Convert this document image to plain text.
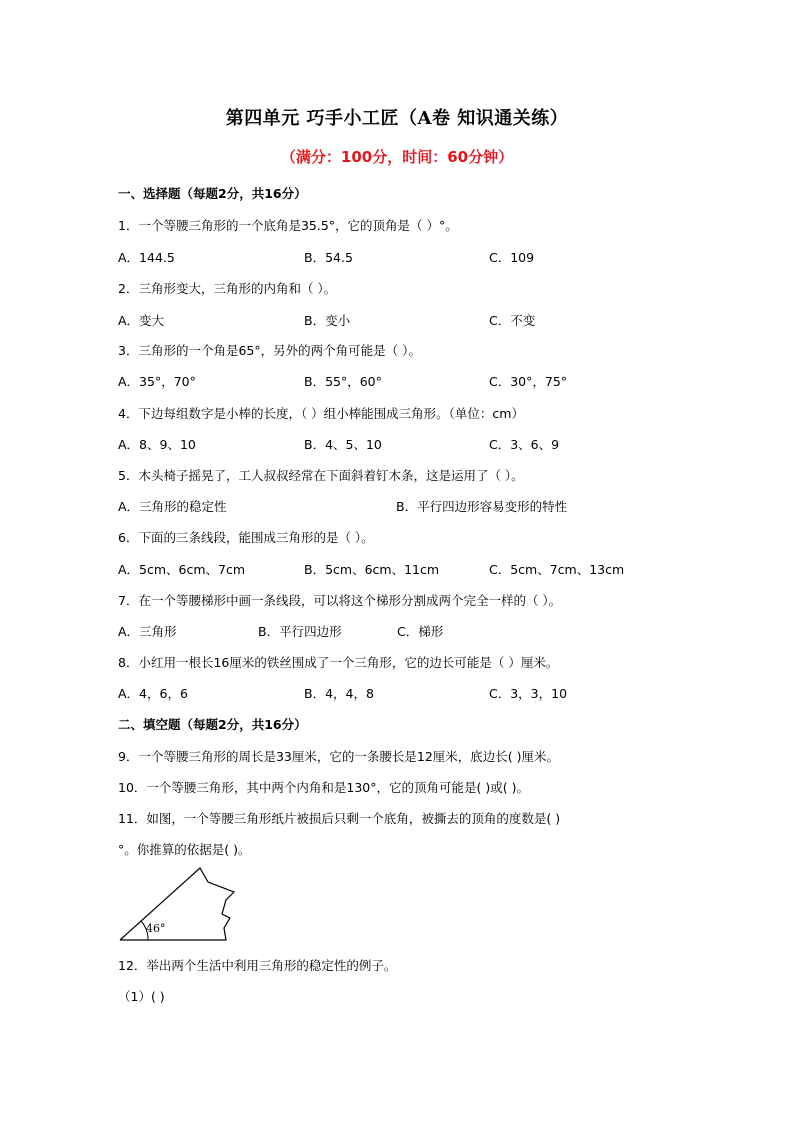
第四单元 巧手小工匠（A卷 知识通关练）
（满分：100分，时间：60分钟）
一、选择题（每题2分，共16分）
1．一个等腰三角形的一个底角是35.5°，它的顶角是（ ）°。
A．144.5	B．54.5	C．109
2．三角形变大，三角形的内角和（ ）。
A．变大	B．变小	C．不变
3．三角形的一个角是65°，另外的两个角可能是（ ）。
A．35°，70°	B．55°，60°	C．30°，75°
4．下边每组数字是小棒的长度，（ ）组小棒能围成三角形。（单位：cm）
A．8、9、10	B．4、5、10	C．3、6、9
5．木头椅子摇晃了，工人叔叔经常在下面斜着钉木条，这是运用了（ ）。
A．三角形的稳定性	B．平行四边形容易变形的特性
6．下面的三条线段，能围成三角形的是（ ）。
A．5cm、6cm、7cm	B．5cm、6cm、11cm	C．5cm、7cm、13cm
7．在一个等腰梯形中画一条线段，可以将这个梯形分割成两个完全一样的（ ）。
A．三角形	B．平行四边形	C．梯形
8．小红用一根长16厘米的铁丝围成了一个三角形，它的边长可能是（ ）厘米。
A．4，6，6	B．4，4，8	C．3，3，10
二、填空题（每题2分，共16分）
9．一个等腰三角形的周长是33厘米，它的一条腰长是12厘米，底边长( )厘米。
10．一个等腰三角形，其中两个内角和是130°，它的顶角可能是( )或( )。
11．如图，一个等腰三角形纸片被损后只剩一个底角，被撕去的顶角的度数是( )
°。你推算的依据是( )。
46°
12．举出两个生活中利用三角形的稳定性的例子。
（1）( )
